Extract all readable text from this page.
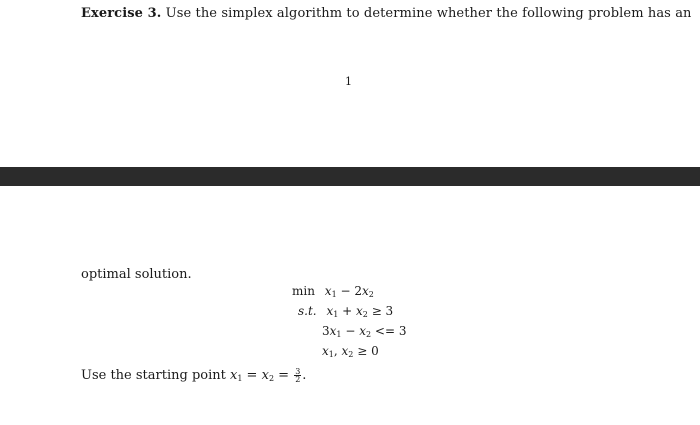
Exercise 3. Use the simplex algorithm to determine whether the following problem has an
1
optimal solution.
$\min x_1 - 2x_2$
s.t. $x_1 + x_2 \ge 3$
$3x_1 - x_2 <= 3$
$x_1$, $x_2 \ge 0$
Use the starting point $x_1 = x_2 = \frac{3}{2}$ .
